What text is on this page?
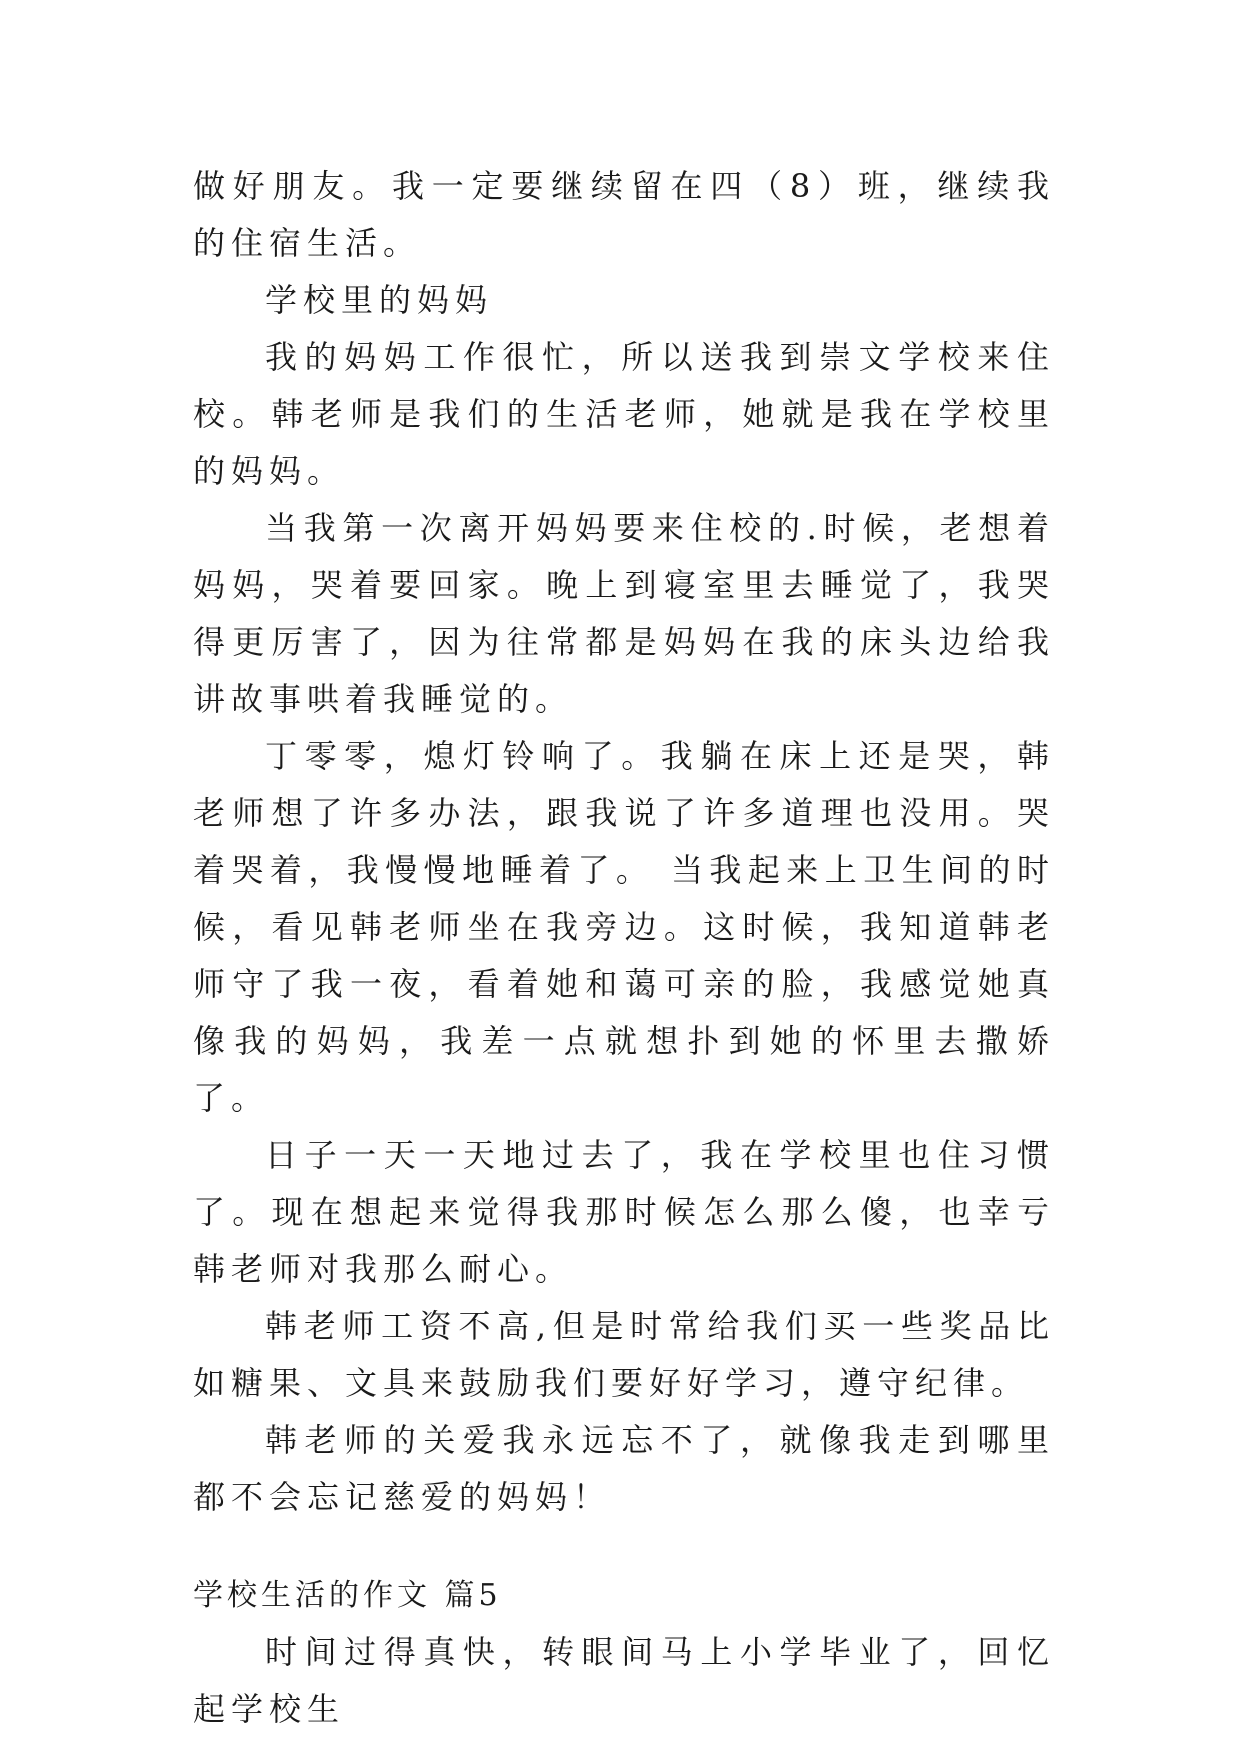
做好朋友。我一定要继续留在四（8）班，继续我的住宿生活。

学校里的妈妈

我的妈妈工作很忙，所以送我到崇文学校来住校。韩老师是我们的生活老师，她就是我在学校里的妈妈。

当我第一次离开妈妈要来住校的.时候，老想着妈妈，哭着要回家。晚上到寝室里去睡觉了，我哭得更厉害了，因为往常都是妈妈在我的床头边给我讲故事哄着我睡觉的。

丁零零，熄灯铃响了。我躺在床上还是哭，韩老师想了许多办法，跟我说了许多道理也没用。哭着哭着，我慢慢地睡着了。 当我起来上卫生间的时候，看见韩老师坐在我旁边。这时候，我知道韩老师守了我一夜，看着她和蔼可亲的脸，我感觉她真像我的妈妈，我差一点就想扑到她的怀里去撒娇了。

日子一天一天地过去了，我在学校里也住习惯了。现在想起来觉得我那时候怎么那么傻，也幸亏韩老师对我那么耐心。

韩老师工资不高,但是时常给我们买一些奖品比如糖果、文具来鼓励我们要好好学习，遵守纪律。

韩老师的关爱我永远忘不了，就像我走到哪里都不会忘记慈爱的妈妈！

学校生活的作文 篇5

时间过得真快，转眼间马上小学毕业了，回忆起学校生
